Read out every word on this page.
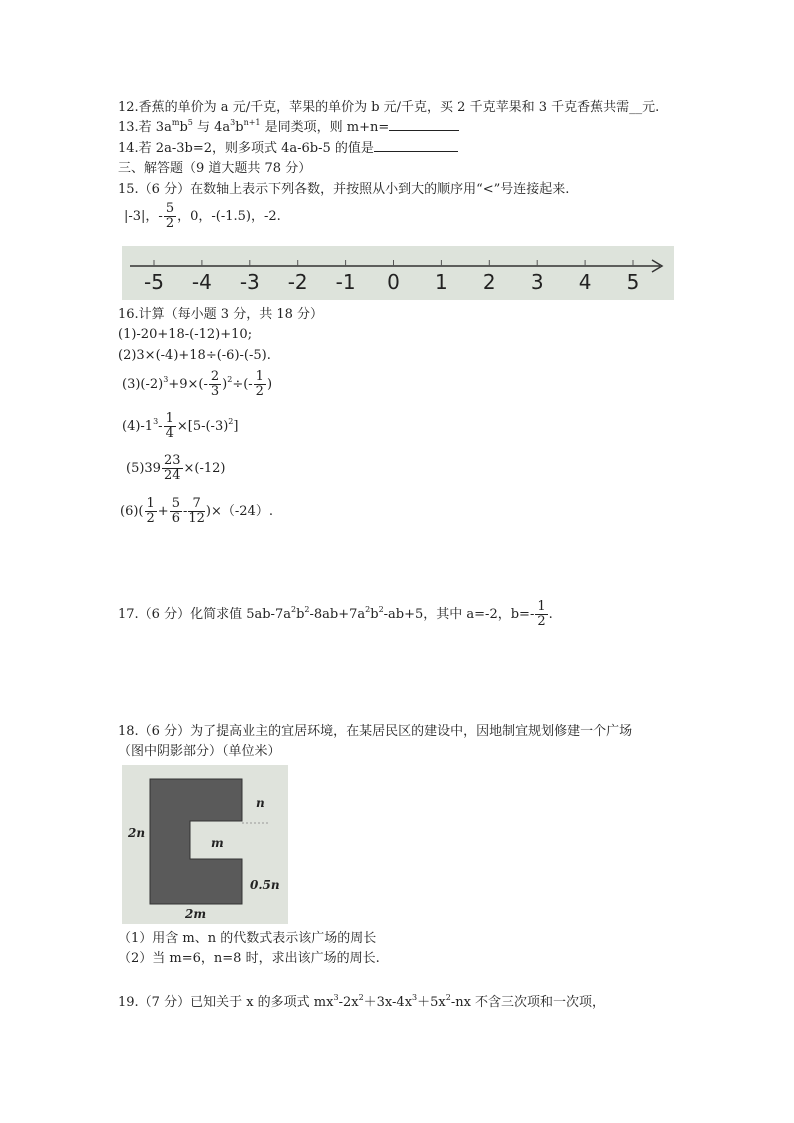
12.香蕉的单价为 a 元/千克，苹果的单价为 b 元/千克，买 2 千克苹果和 3 千克香蕉共需__元.
13.若 $3a^mb^5$ 与 $4a^3b^{n+1}$ 是同类项，则 m+n=
14.若 2a-3b=2，则多项式 4a-6b-5 的值是
三、解答题（9 道大题共 78 分）
15.（6 分）在数轴上表示下列各数，并按照从小到大的顺序用“<”号连接起来.
|-3|，- $\frac{5}{2}$ ，0，-(-1.5)，-2.
-5 -4 -3 -2 -1 0 1 2 3 4 5
16.计算（每小题 3 分，共 18 分）
(1)-20+18-(-12)+10;
(2)3×(-4)+18÷(-6)-(-5).
$(3)(-2)^3+9\times(- \frac{2}{3} )^2\div(- \frac{1}{2}$ )
$(4)-1^3- \frac{1}{4} \times[5-(-3)^2]$
$(5)39 \frac{23}{24} \times(-12)$
$(6)( \frac{1}{2} + \frac{5}{6} - \frac{7}{12} )\times(-24)$.
17.（6 分）化简求值 $5ab-7a^2b^2-8ab+7a^2b^2-ab+5$，其中 a=-2，$b=- \frac{1}{2}$ .
18.（6 分）为了提高业主的宜居环境，在某居民区的建设中，因地制宜规划修建一个广场
（图中阴影部分）（单位米）
n
2n
m
0.5n
2m
（1）用含 m、n 的代数式表示该广场的周长
（2）当 m=6，n=8 时，求出该广场的周长.
19.（7 分）已知关于 x 的多项式 $mx^3-2x^2+3x-4x^3+5x^2-nx$ 不含三次项和一次项，
